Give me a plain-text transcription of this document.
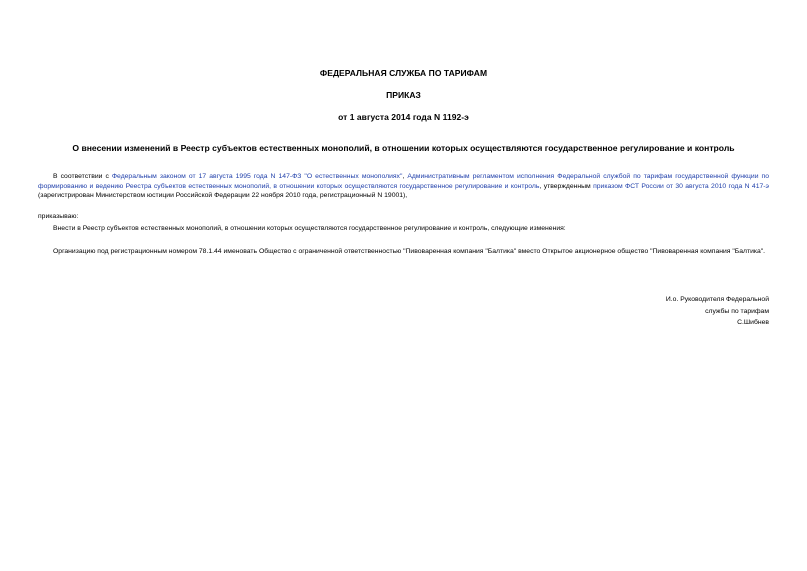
ФЕДЕРАЛЬНАЯ СЛУЖБА ПО ТАРИФАМ
ПРИКАЗ
от 1 августа 2014 года N 1192-э
О внесении изменений в Реестр субъектов естественных монополий, в отношении которых осуществляются государственное регулирование и контроль
В соответствии с Федеральным законом от 17 августа 1995 года N 147-ФЗ "О естественных монополиях", Административным регламентом исполнения Федеральной службой по тарифам государственной функции по формированию и ведению Реестра субъектов естественных монополий, в отношении которых осуществляются государственное регулирование и контроль, утвержденным приказом ФСТ России от 30 августа 2010 года N 417-э (зарегистрирован Министерством юстиции Российской Федерации 22 ноября 2010 года, регистрационный N 19001),
приказываю:
Внести в Реестр субъектов естественных монополий, в отношении которых осуществляются государственное регулирование и контроль, следующие изменения:
Организацию под регистрационным номером 78.1.44 именовать Общество с ограниченной ответственностью "Пивоваренная компания "Балтика" вместо Открытое акционерное общество "Пивоваренная компания "Балтика".
И.о. Руководителя Федеральной
службы по тарифам
С.Шибнев
